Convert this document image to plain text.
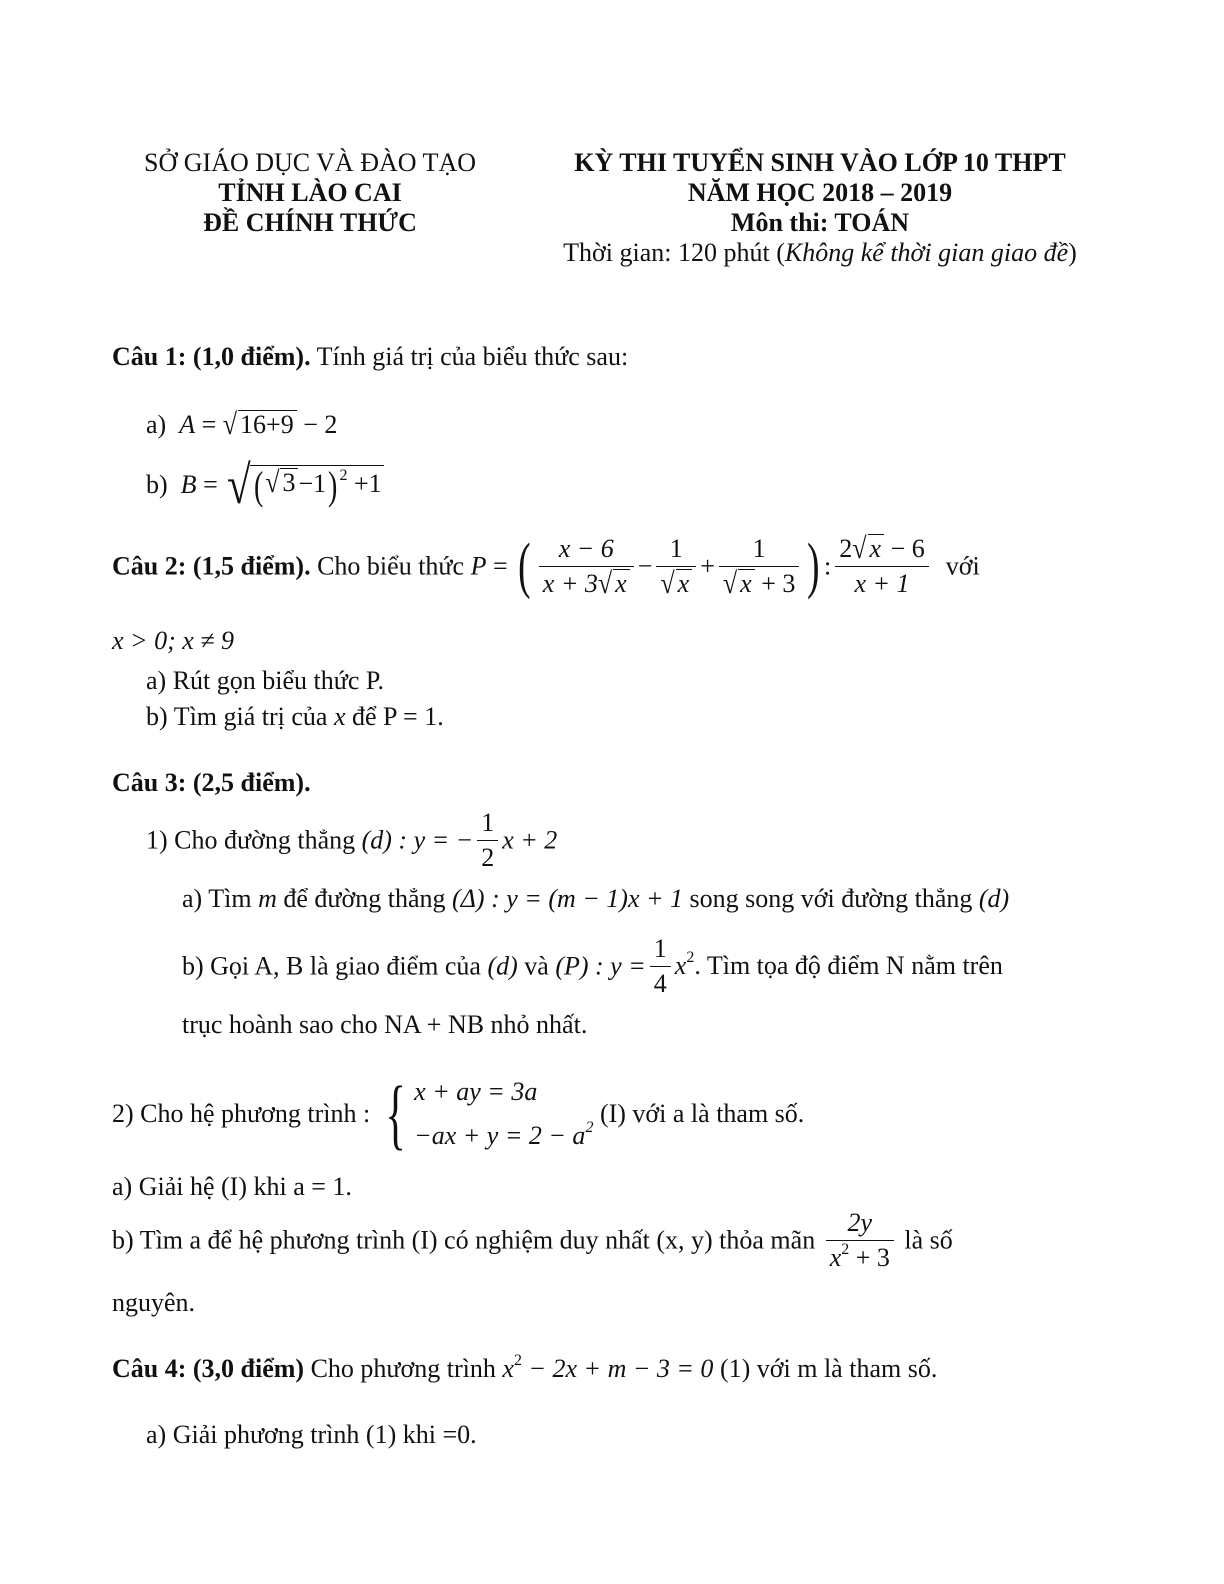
SỞ GIÁO DỤC VÀ ĐÀO TẠO
TỈNH LÀO CAI
ĐỀ CHÍNH THỨC
KỲ THI TUYỂN SINH VÀO LỚP 10 THPT
NĂM HỌC 2018 – 2019
Môn thi: TOÁN
Thời gian: 120 phút (Không kể thời gian giao đề)
Câu 1: (1,0 điểm). Tính giá trị của biểu thức sau:
a) A = √ 16+9 − 2
b) B = √(√ 3 −1) $^2$ +1
Câu 2: (1,5 điểm). Cho biểu thức P = ( $\frac{x - 6}{x + 3√ x} - \frac{1}{√ x} + \frac{1}{√ x + 3}$ ) : $\frac{2√ x - 6}{x + 1}$ với
x > 0; x ≠ 9
a) Rút gọn biểu thức P.
b) Tìm giá trị của x để P = 1.
Câu 3: (2,5 điểm).
1) Cho đường thẳng (d) : y = − $\frac{1}{2}$ x + 2
a) Tìm m để đường thẳng (Δ) : y = (m − 1)x + 1 song song với đường thẳng (d)
b) Gọi A, B là giao điểm của (d) và (P) : $y = \frac{1}{4} x^2$. Tìm tọa độ điểm N nằm trên
trục hoành sao cho NA + NB nhỏ nhất.
2) Cho hệ phương trình : { x + ay = 3a
$-ax + y = 2 - a^2$ (I) với a là tham số.
a) Giải hệ (I) khi a = 1.
b) Tìm a để hệ phương trình (I) có nghiệm duy nhất (x, y) thỏa mãn $\frac{2y}{x^2 + 3}$ là số
nguyên.
Câu 4: (3,0 điểm) Cho phương trình $x^2 - 2x + m - 3 = 0$ (1) với m là tham số.
a) Giải phương trình (1) khi =0.
